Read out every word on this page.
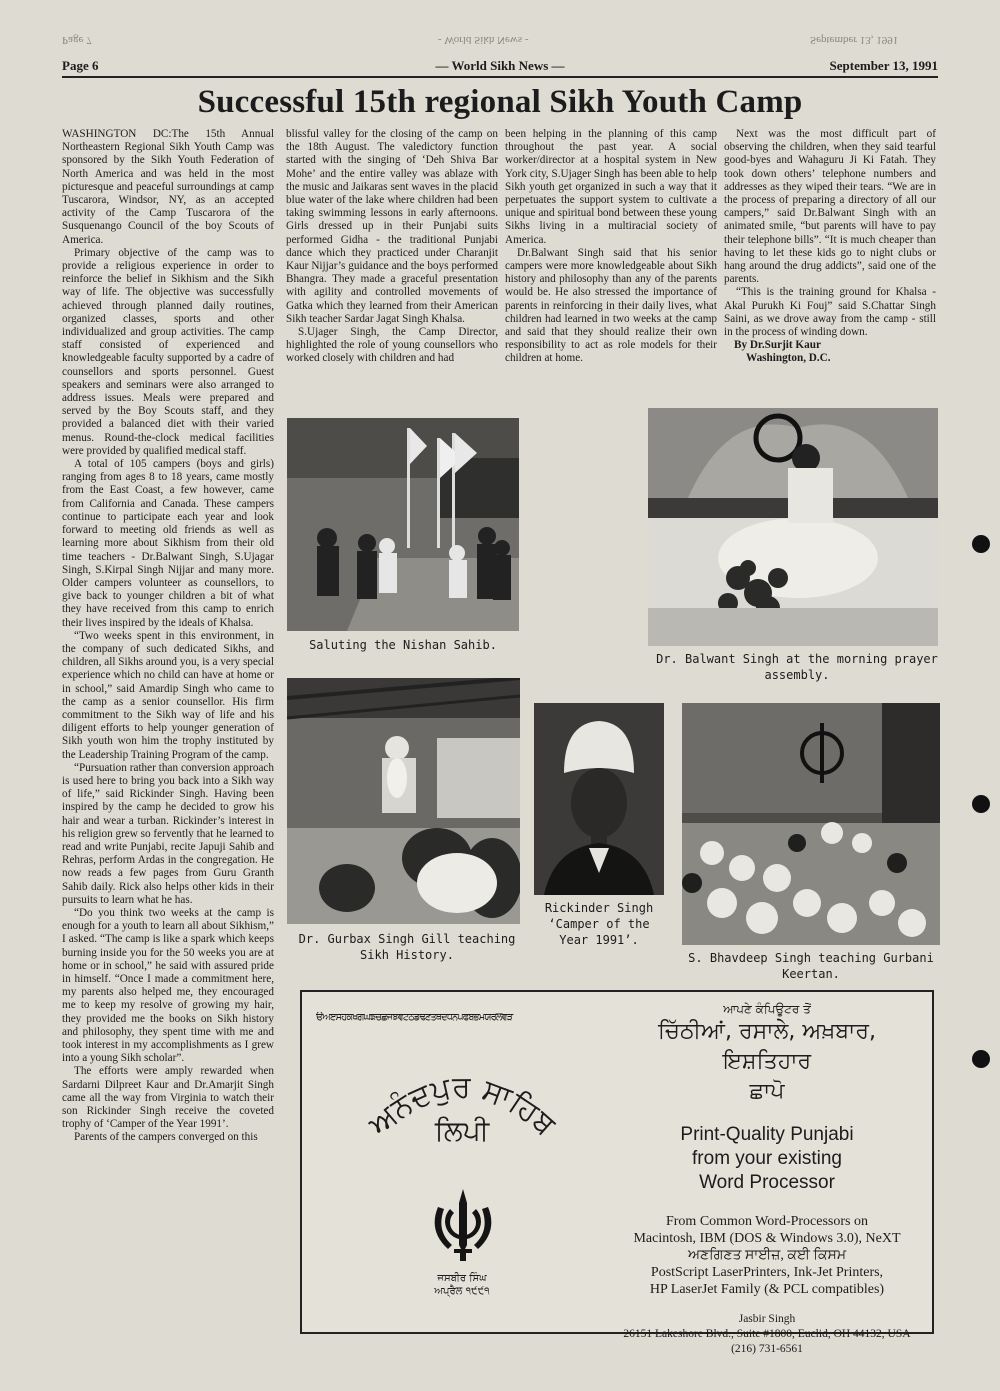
Page 7	- World Sikh News -	September 13, 1991
Page 6	— World Sikh News —	September 13, 1991
Successful 15th regional Sikh Youth Camp

WASHINGTON DC:The 15th Annual Northeastern Regional Sikh Youth Camp was sponsored by the Sikh Youth Federation of North America and was held in the most picturesque and peaceful surroundings at camp Tuscarora, Windsor, NY, as an accepted activity of the Camp Tuscarora of the Susquenango Council of the boy Scouts of America.

Primary objective of the camp was to provide a religious experience in order to reinforce the belief in Sikhism and the Sikh way of life. The objective was successfully achieved through planned daily routines, organized classes, sports and other individualized and group activities. The camp staff consisted of experienced and knowledgeable faculty supported by a cadre of counsellors and sports personnel. Guest speakers and seminars were also arranged to address issues. Meals were prepared and served by the Boy Scouts staff, and they provided a balanced diet with their varied menus. Round-the-clock medical facilities were provided by qualified medical staff.

A total of 105 campers (boys and girls) ranging from ages 8 to 18 years, came mostly from the East Coast, a few however, came from California and Canada. These campers continue to participate each year and look forward to meeting old friends as well as learning more about Sikhism from their old time teachers - Dr.Balwant Singh, S.Ujagar Singh, S.Kirpal Singh Nijjar and many more. Older campers volunteer as counsellors, to give back to younger children a bit of what they have received from this camp to enrich their lives inspired by the ideals of Khalsa.

“Two weeks spent in this environment, in the company of such dedicated Sikhs, and children, all Sikhs around you, is a very special experience which no child can have at home or in school,” said Amardip Singh who came to the camp as a senior counsellor. His firm commitment to the Sikh way of life and his diligent efforts to help younger generation of Sikh youth won him the trophy instituted by the Leadership Training Program of the camp.

“Pursuation rather than conversion approach is used here to bring you back into a Sikh way of life,” said Rickinder Singh. Having been inspired by the camp he decided to grow his hair and wear a turban. Rickinder’s interest in his religion grew so fervently that he learned to read and write Punjabi, recite Japuji Sahib and Rehras, perform Ardas in the congregation. He now reads a few pages from Guru Granth Sahib daily. Rick also helps other kids in their pursuits to learn what he has.

“Do you think two weeks at the camp is enough for a youth to learn all about Sikhism,” I asked. “The camp is like a spark which keeps burning inside you for the 50 weeks you are at home or in school,” he said with assured pride in himself. “Once I made a commitment here, my parents also helped me, they encouraged me to keep my resolve of growing my hair, they provided me the books on Sikh history and philosophy, they spent time with me and took interest in my accomplishments as I grew into a young Sikh scholar”.

The efforts were amply rewarded when Sardarni Dilpreet Kaur and Dr.Amarjit Singh came all the way from Virginia to watch their son Rickinder Singh receive the coveted trophy of ‘Camper of the Year 1991’.

Parents of the campers converged on this

blissful valley for the closing of the camp on the 18th August. The valedictory function started with the singing of ‘Deh Shiva Bar Mohe’ and the entire valley was ablaze with the music and Jaikaras sent waves in the placid blue water of the lake where children had been taking swimming lessons in early afternoons. Girls dressed up in their Punjabi suits performed Gidha - the traditional Punjabi dance which they practiced under Charanjit Kaur Nijjar’s guidance and the boys performed Bhangra. They made a graceful presentation with agility and controlled movements of Gatka which they learned from their American Sikh teacher Sardar Jagat Singh Khalsa.

S.Ujager Singh, the Camp Director, highlighted the role of young counsellors who worked closely with children and had

been helping in the planning of this camp throughout the past year. A social worker/director at a hospital system in New York city, S.Ujager Singh has been able to help Sikh youth get organized in such a way that it perpetuates the support system to cultivate a unique and spiritual bond between these young Sikhs living in a multiracial society of America.

Dr.Balwant Singh said that his senior campers were more knowledgeable about Sikh history and philosophy than any of the parents would be. He also stressed the importance of parents in reinforcing in their daily lives, what children had learned in two weeks at the camp and said that they should realize their own responsibility to act as role models for their children at home.

Next was the most difficult part of observing the children, when they said tearful good-byes and Wahaguru Ji Ki Fatah. They took down others’ telephone numbers and addresses as they wiped their tears. “We are in the process of preparing a directory of all our campers,” said Dr.Balwant Singh with an animated smile, “but parents will have to pay their telephone bills”. “It is much cheaper than having to let these kids go to night clubs or hang around the drug addicts”, said one of the parents.

“This is the training ground for Khalsa - Akal Purukh Ki Fouj” said S.Chattar Singh Saini, as we drove away from the camp - still in the process of winding down.

By Dr.Surjit Kaur

Washington, D.C.

Saluting the Nishan Sahib.
Dr. Balwant Singh at the morning prayer assembly.
Dr. Gurbax Singh Gill teaching Sikh History.
Rickinder Singh ‘Camper of the Year 1991’.
S. Bhavdeep Singh teaching Gurbani Keertan.
ੳਅੲਸਹਕਖਗਘਙਚਛਜਝਞਟਠਡਢਣਤਥਦਧਨਪਫਬਭਮਯਰਲਵੜ
ਅਨੰਦਪੁਰ ਸਾਹਿਬ
ਲਿਪੀ
ਜਸਬੀਰ ਸਿੰਘ
ਅਪ੍ਰੈਲ ੧੯੯੧
ਆਪਣੇ ਕੰਪਿਊਟਰ ਤੋਂ
ਚਿੱਠੀਆਂ, ਰਸਾਲੇ, ਅਖ਼ਬਾਰ, ਇਸ਼ਤਿਹਾਰ
ਛਾਪੋ
Print-Quality Punjabi
from your existing
Word Processor
From Common Word-Processors on
Macintosh, IBM (DOS & Windows 3.0), NeXT
ਅਣਗਿਣਤ ਸਾਈਜ਼, ਕਈ ਕਿਸਮ
PostScript LaserPrinters, Ink-Jet Printers,
HP LaserJet Family (& PCL compatibles)
Jasbir Singh
26151 Lakeshore Blvd., Suite #1800, Euclid, OH 44132, USA
(216) 731-6561
